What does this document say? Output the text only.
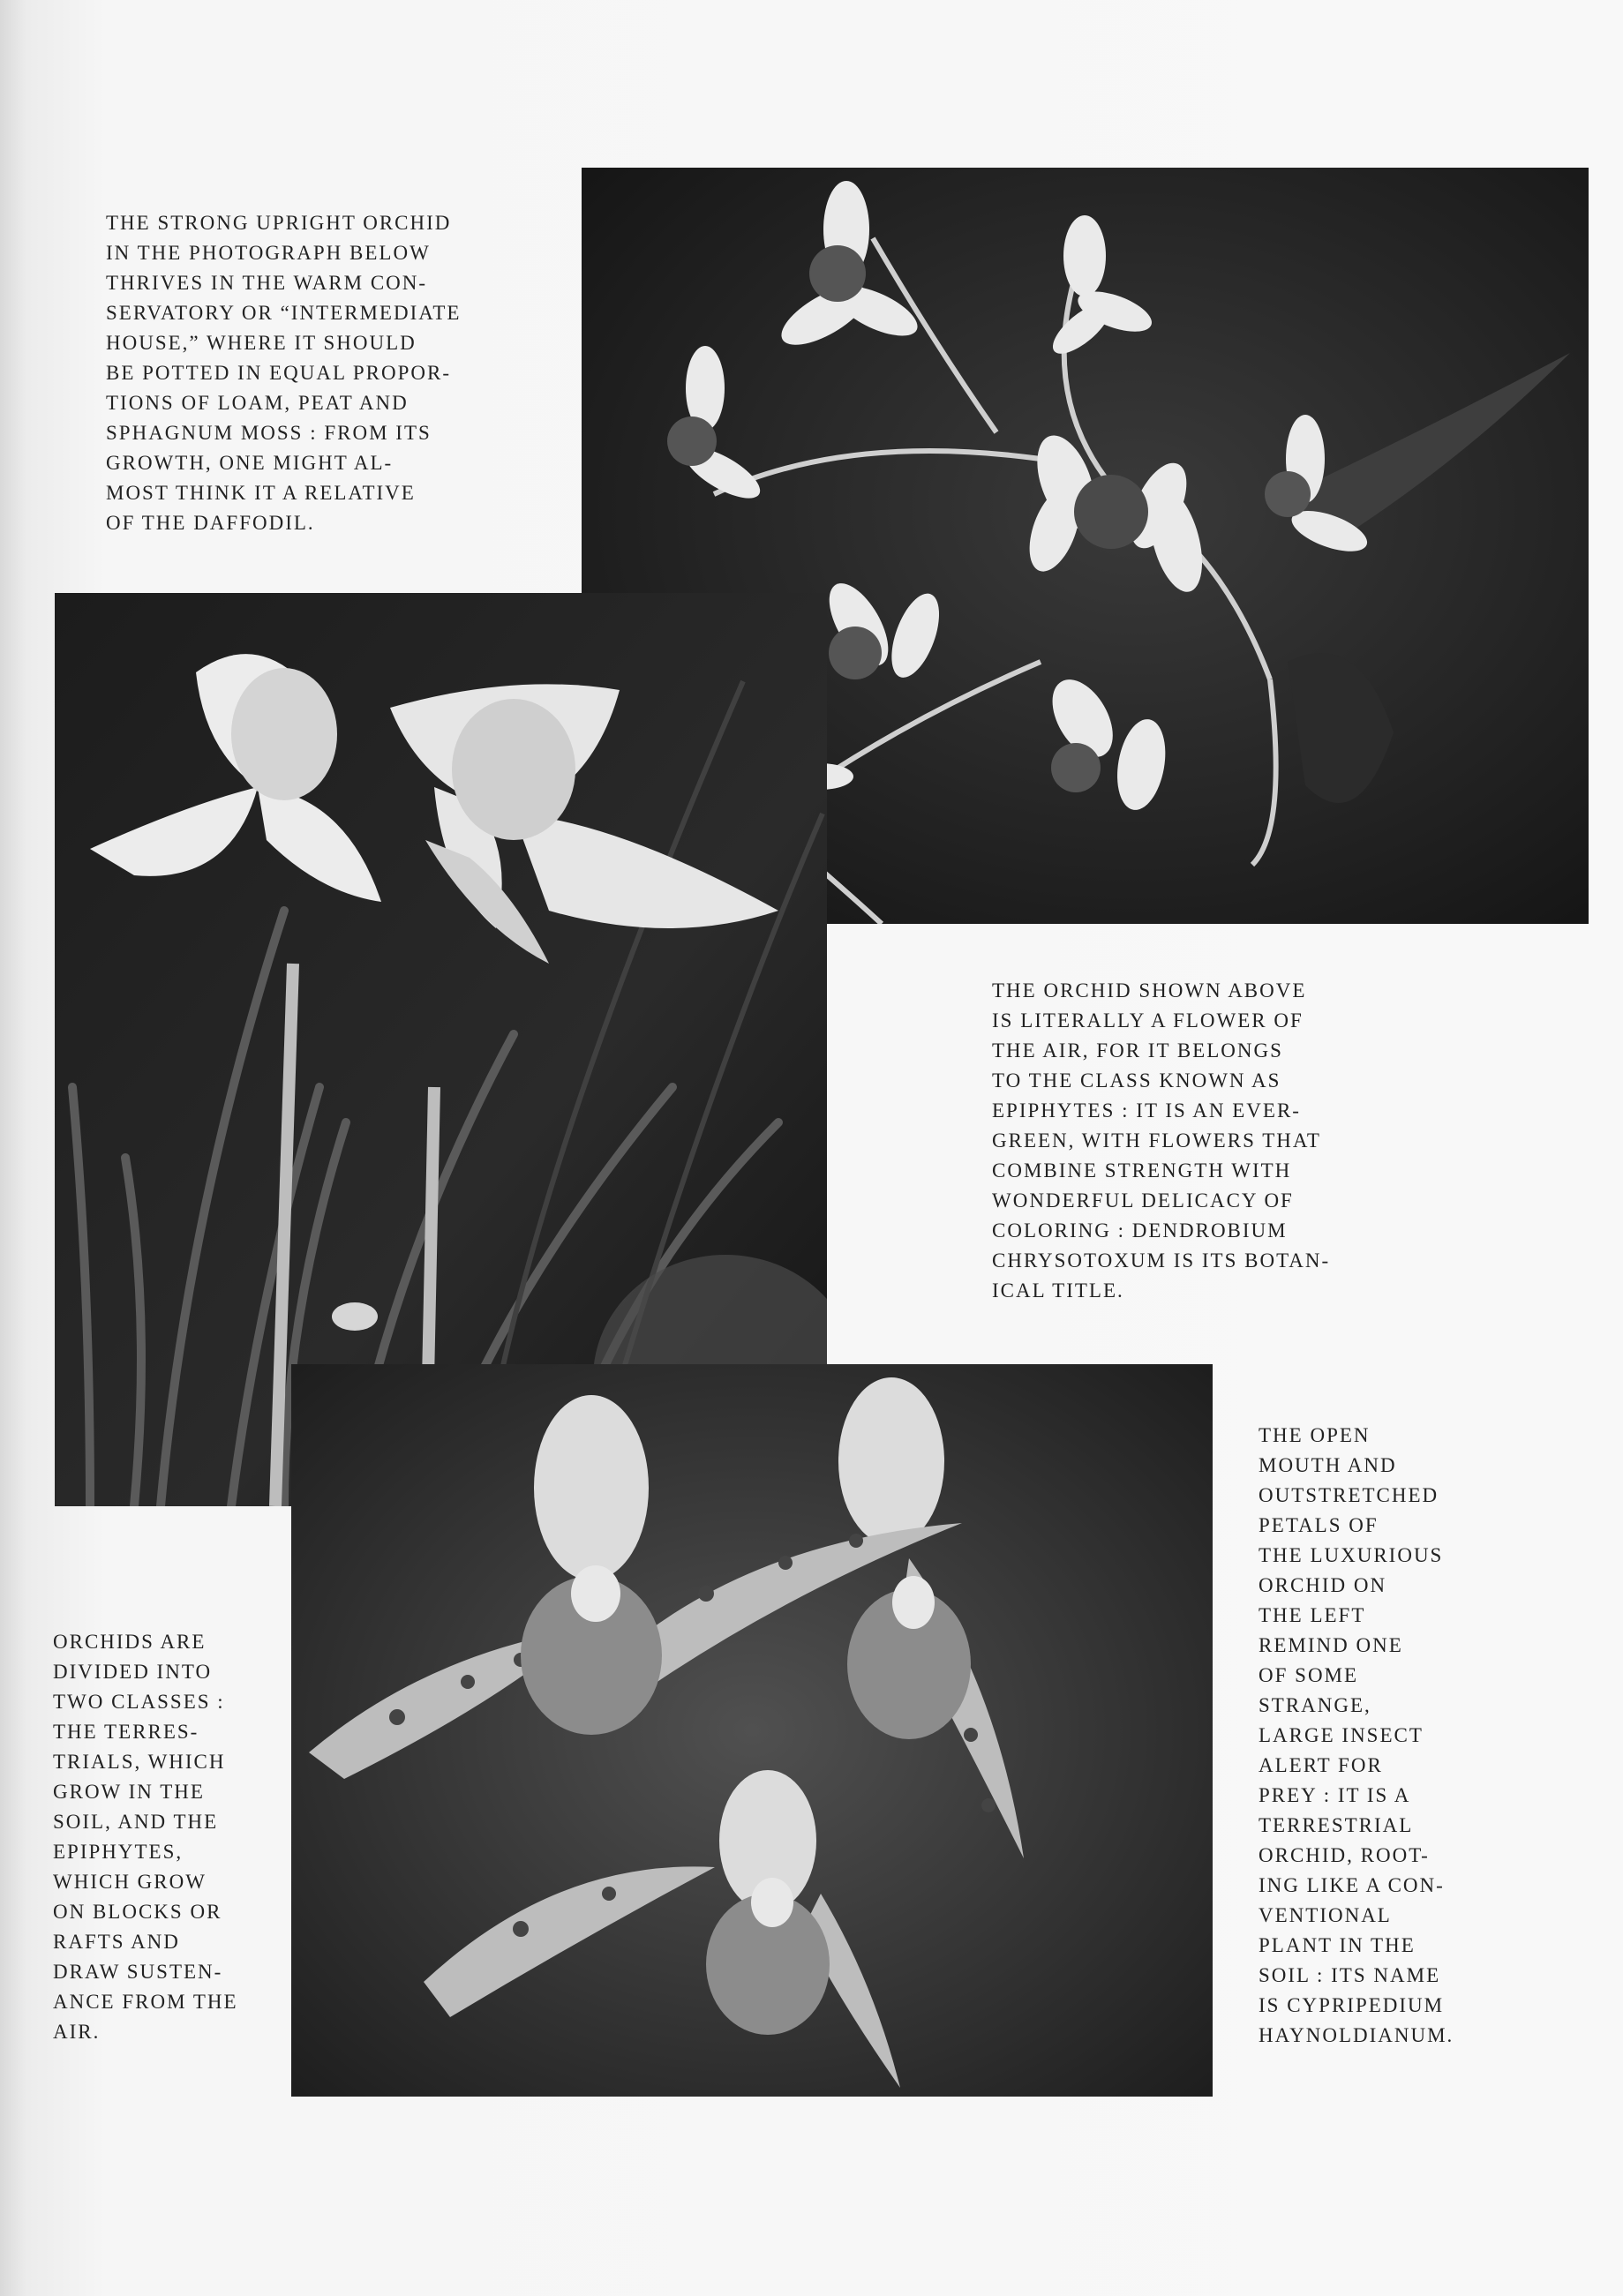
THE STRONG UPRIGHT ORCHID
IN THE PHOTOGRAPH BELOW
THRIVES IN THE WARM CON-
SERVATORY OR “INTERMEDIATE
HOUSE,” WHERE IT SHOULD
BE POTTED IN EQUAL PROPOR-
TIONS OF LOAM, PEAT AND
SPHAGNUM MOSS : FROM ITS
GROWTH, ONE MIGHT AL-
MOST THINK IT A RELATIVE
OF THE DAFFODIL.
THE ORCHID SHOWN ABOVE
IS LITERALLY A FLOWER OF
THE AIR, FOR IT BELONGS
TO THE CLASS KNOWN AS
EPIPHYTES : IT IS AN EVER-
GREEN, WITH FLOWERS THAT
COMBINE STRENGTH WITH
WONDERFUL DELICACY OF
COLORING : DENDROBIUM
CHRYSOTOXUM IS ITS BOTAN-
ICAL TITLE.
THE OPEN
MOUTH AND
OUTSTRETCHED
PETALS OF
THE LUXURIOUS
ORCHID ON
THE LEFT
REMIND ONE
OF SOME
STRANGE,
LARGE INSECT
ALERT FOR
PREY : IT IS A
TERRESTRIAL
ORCHID, ROOT-
ING LIKE A CON-
VENTIONAL
PLANT IN THE
SOIL : ITS NAME
IS CYPRIPEDIUM
HAYNOLDIANUM.
ORCHIDS ARE
DIVIDED INTO
TWO CLASSES :
THE TERRES-
TRIALS, WHICH
GROW IN THE
SOIL, AND THE
EPIPHYTES,
WHICH GROW
ON BLOCKS OR
RAFTS AND
DRAW SUSTEN-
ANCE FROM THE
AIR.
